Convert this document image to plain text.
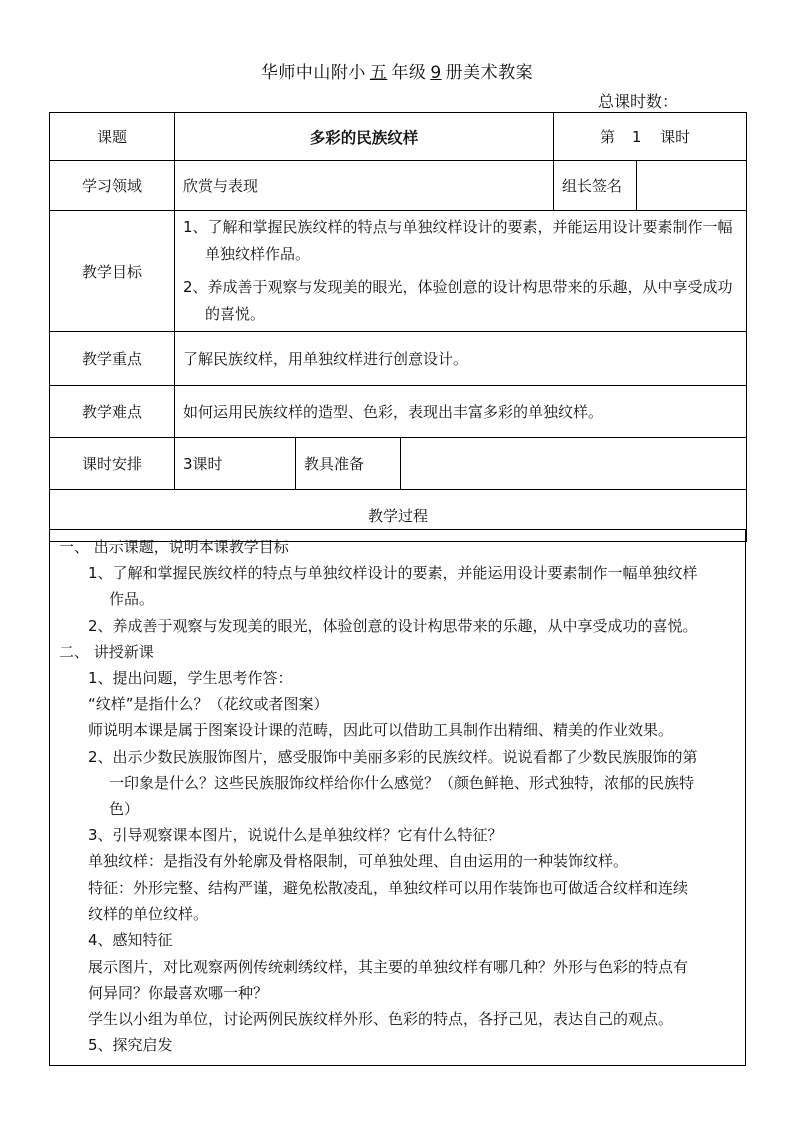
华师中山附小 五 年级 9 册美术教案
总课时数：
课题	多彩的民族纹样			第 1 课时	
学习领域	欣赏与表现			组长签名	
教学目标	1、了解和掌握民族纹样的特点与单独纹样设计的要素，并能运用设计要素制作一幅单独纹样作品。

2、养成善于观察与发现美的眼光，体验创意的设计构思带来的乐趣，从中享受成功的喜悦。				

教学重点	了解民族纹样，用单独纹样进行创意设计。				
教学难点	如何运用民族纹样的造型、色彩，表现出丰富多彩的单独纹样。				
课时安排	3课时	教具准备			
教学过程					
一、 出示课题，说明本课教学目标
1、了解和掌握民族纹样的特点与单独纹样设计的要素，并能运用设计要素制作一幅单独纹样
作品。
2、养成善于观察与发现美的眼光，体验创意的设计构思带来的乐趣，从中享受成功的喜悦。
二、 讲授新课
1、提出问题，学生思考作答：
“纹样”是指什么？（花纹或者图案）
师说明本课是属于图案设计课的范畴，因此可以借助工具制作出精细、精美的作业效果。
2、出示少数民族服饰图片，感受服饰中美丽多彩的民族纹样。说说看都了少数民族服饰的第
一印象是什么？这些民族服饰纹样给你什么感觉？（颜色鲜艳、形式独特，浓郁的民族特
色）
3、引导观察课本图片，说说什么是单独纹样？它有什么特征？
单独纹样：是指没有外轮廓及骨格限制，可单独处理、自由运用的一种装饰纹样。
特征：外形完整、结构严谨，避免松散凌乱，单独纹样可以用作装饰也可做适合纹样和连续
纹样的单位纹样。
4、感知特征
展示图片，对比观察两例传统刺绣纹样，其主要的单独纹样有哪几种？外形与色彩的特点有
何异同？你最喜欢哪一种？
学生以小组为单位，讨论两例民族纹样外形、色彩的特点，各抒己见，表达自己的观点。
5、探究启发
